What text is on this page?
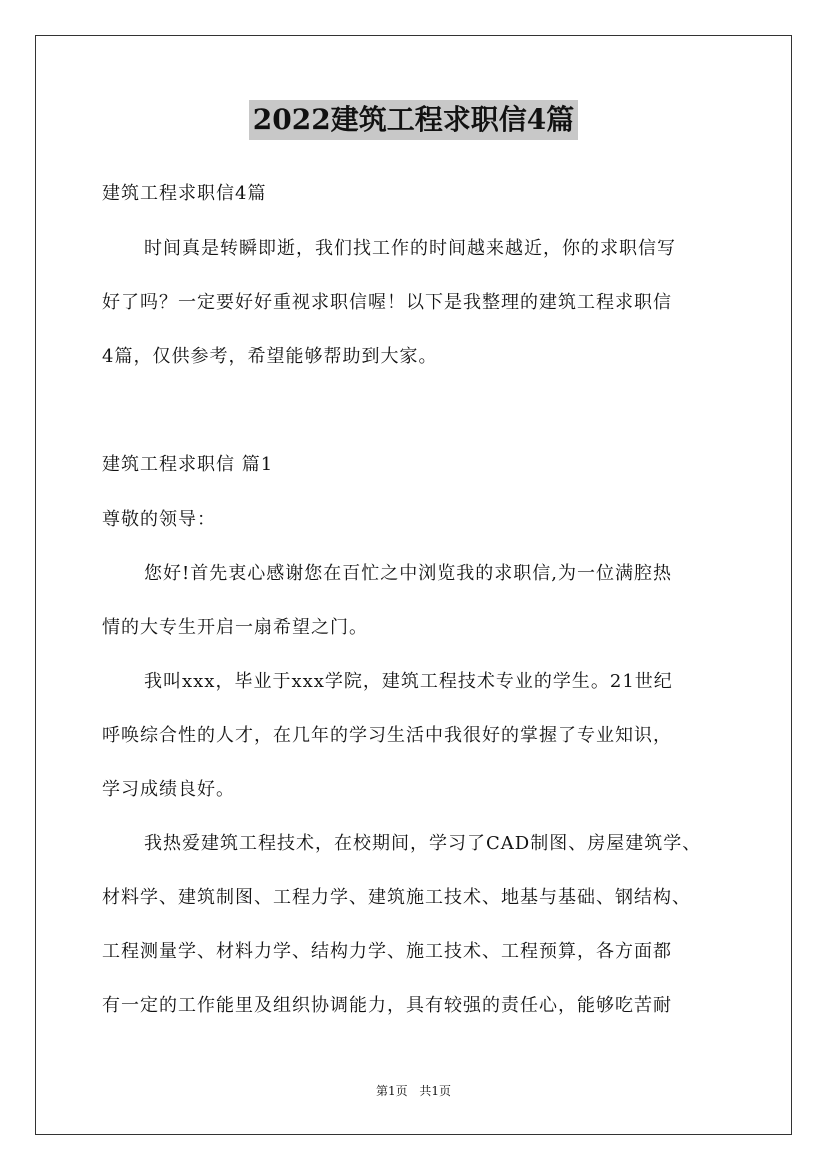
2022建筑工程求职信4篇
建筑工程求职信4篇
时间真是转瞬即逝，我们找工作的时间越来越近，你的求职信写
好了吗？一定要好好重视求职信喔！以下是我整理的建筑工程求职信
4篇，仅供参考，希望能够帮助到大家。
建筑工程求职信 篇1
尊敬的领导：
您好!首先衷心感谢您在百忙之中浏览我的求职信,为一位满腔热
情的大专生开启一扇希望之门。
我叫xxx，毕业于xxx学院，建筑工程技术专业的学生。21世纪
呼唤综合性的人才，在几年的学习生活中我很好的掌握了专业知识，
学习成绩良好。
我热爱建筑工程技术，在校期间，学习了CAD制图、房屋建筑学、
材料学、建筑制图、工程力学、建筑施工技术、地基与基础、钢结构、
工程测量学、材料力学、结构力学、施工技术、工程预算，各方面都
有一定的工作能里及组织协调能力，具有较强的责任心，能够吃苦耐
第1页 共1页
